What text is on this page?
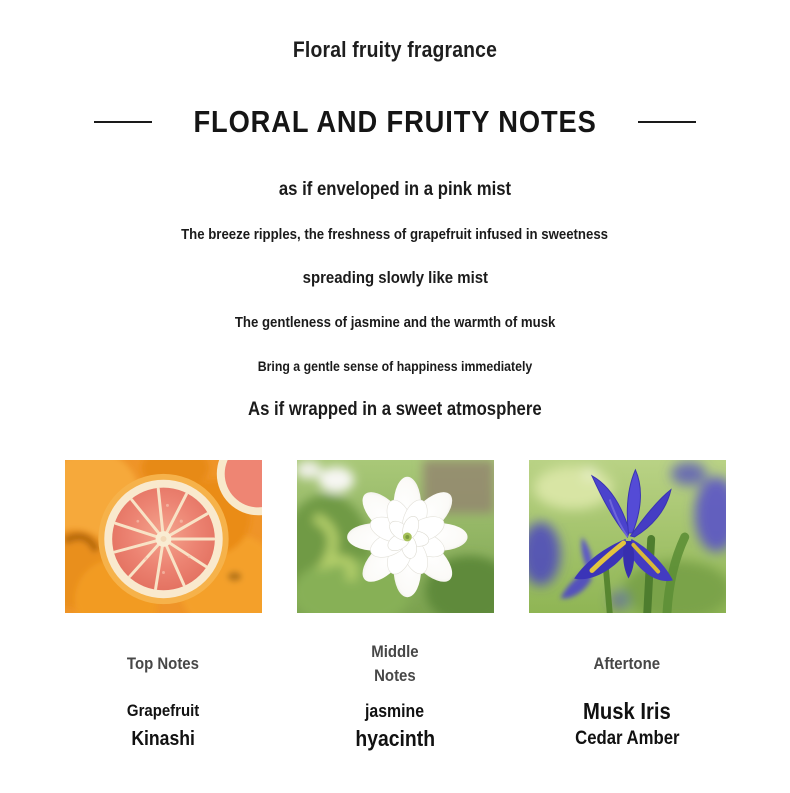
Floral fruity fragrance
FLORAL AND FRUITY NOTES

as if enveloped in a pink mist

The breeze ripples, the freshness of grapefruit infused in sweetness

spreading slowly like mist

The gentleness of jasmine and the warmth of musk

Bring a gentle sense of happiness immediately

As if wrapped in a sweet atmosphere

Top Notes
Grapefruit
Kinashi
Middle
Notes
jasmine
hyacinth
Aftertone
Musk Iris
Cedar Amber
